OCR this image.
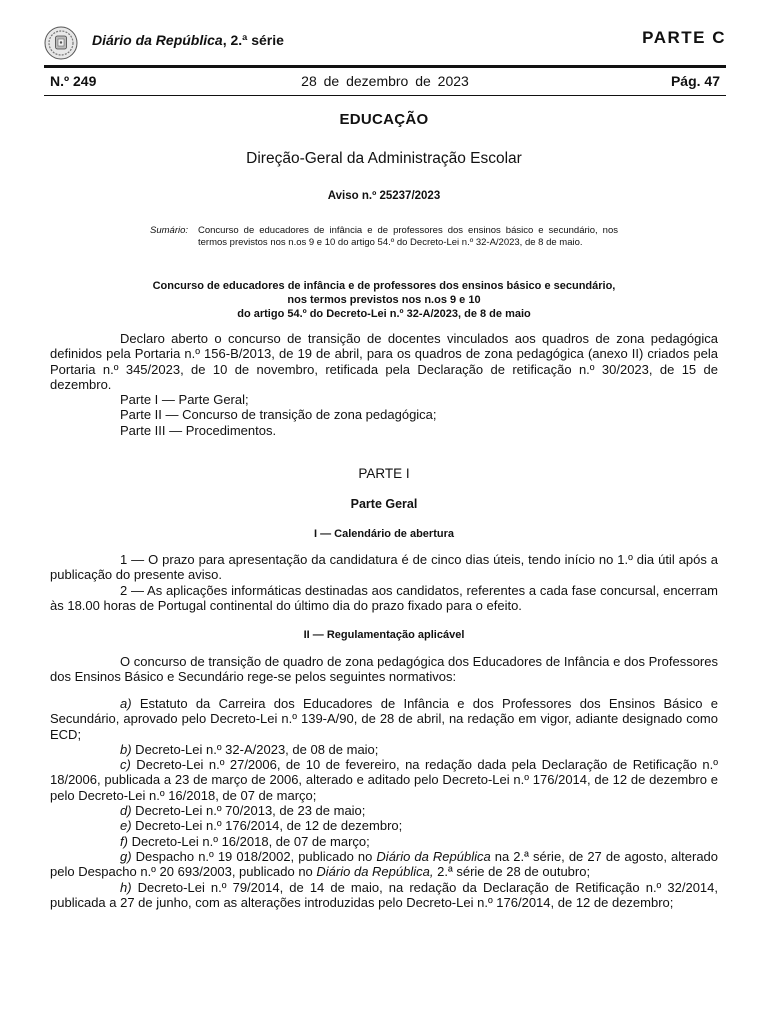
Diário da República, 2.ª série	PARTE C
N.º 249	28 de dezembro de 2023	Pág. 47
EDUCAÇÃO
Direção-Geral da Administração Escolar
Aviso n.º 25237/2023
Sumário: Concurso de educadores de infância e de professores dos ensinos básico e secundário, nos termos previstos nos n.os 9 e 10 do artigo 54.º do Decreto-Lei n.º 32-A/2023, de 8 de maio.
Concurso de educadores de infância e de professores dos ensinos básico e secundário,
nos termos previstos nos n.os 9 e 10
do artigo 54.º do Decreto-Lei n.º 32-A/2023, de 8 de maio

Declaro aberto o concurso de transição de docentes vinculados aos quadros de zona pedagógica definidos pela Portaria n.º 156-B/2013, de 19 de abril, para os quadros de zona pedagógica (anexo II) criados pela Portaria n.º 345/2023, de 10 de novembro, retificada pela Declaração de retificação n.º 30/2023, de 15 de dezembro.

Parte I — Parte Geral;

Parte II — Concurso de transição de zona pedagógica;

Parte III — Procedimentos.

PARTE I
Parte Geral
I — Calendário de abertura

1 — O prazo para apresentação da candidatura é de cinco dias úteis, tendo início no 1.º dia útil após a publicação do presente aviso.

2 — As aplicações informáticas destinadas aos candidatos, referentes a cada fase concursal, encerram às 18.00 horas de Portugal continental do último dia do prazo fixado para o efeito.

II — Regulamentação aplicável

O concurso de transição de quadro de zona pedagógica dos Educadores de Infância e dos Professores dos Ensinos Básico e Secundário rege-se pelos seguintes normativos:

a) Estatuto da Carreira dos Educadores de Infância e dos Professores dos Ensinos Básico e Secundário, aprovado pelo Decreto-Lei n.º 139-A/90, de 28 de abril, na redação em vigor, adiante designado como ECD;

b) Decreto-Lei n.º 32-A/2023, de 08 de maio;

c) Decreto-Lei n.º 27/2006, de 10 de fevereiro, na redação dada pela Declaração de Retificação n.º 18/2006, publicada a 23 de março de 2006, alterado e aditado pelo Decreto-Lei n.º 176/2014, de 12 de dezembro e pelo Decreto-Lei n.º 16/2018, de 07 de março;

d) Decreto-Lei n.º 70/2013, de 23 de maio;

e) Decreto-Lei n.º 176/2014, de 12 de dezembro;

f) Decreto-Lei n.º 16/2018, de 07 de março;

g) Despacho n.º 19 018/2002, publicado no Diário da República na 2.ª série, de 27 de agosto, alterado pelo Despacho n.º 20 693/2003, publicado no Diário da República, 2.ª série de 28 de outubro;

h) Decreto-Lei n.º 79/2014, de 14 de maio, na redação da Declaração de Retificação n.º 32/2014, publicada a 27 de junho, com as alterações introduzidas pelo Decreto-Lei n.º 176/2014, de 12 de dezembro;
